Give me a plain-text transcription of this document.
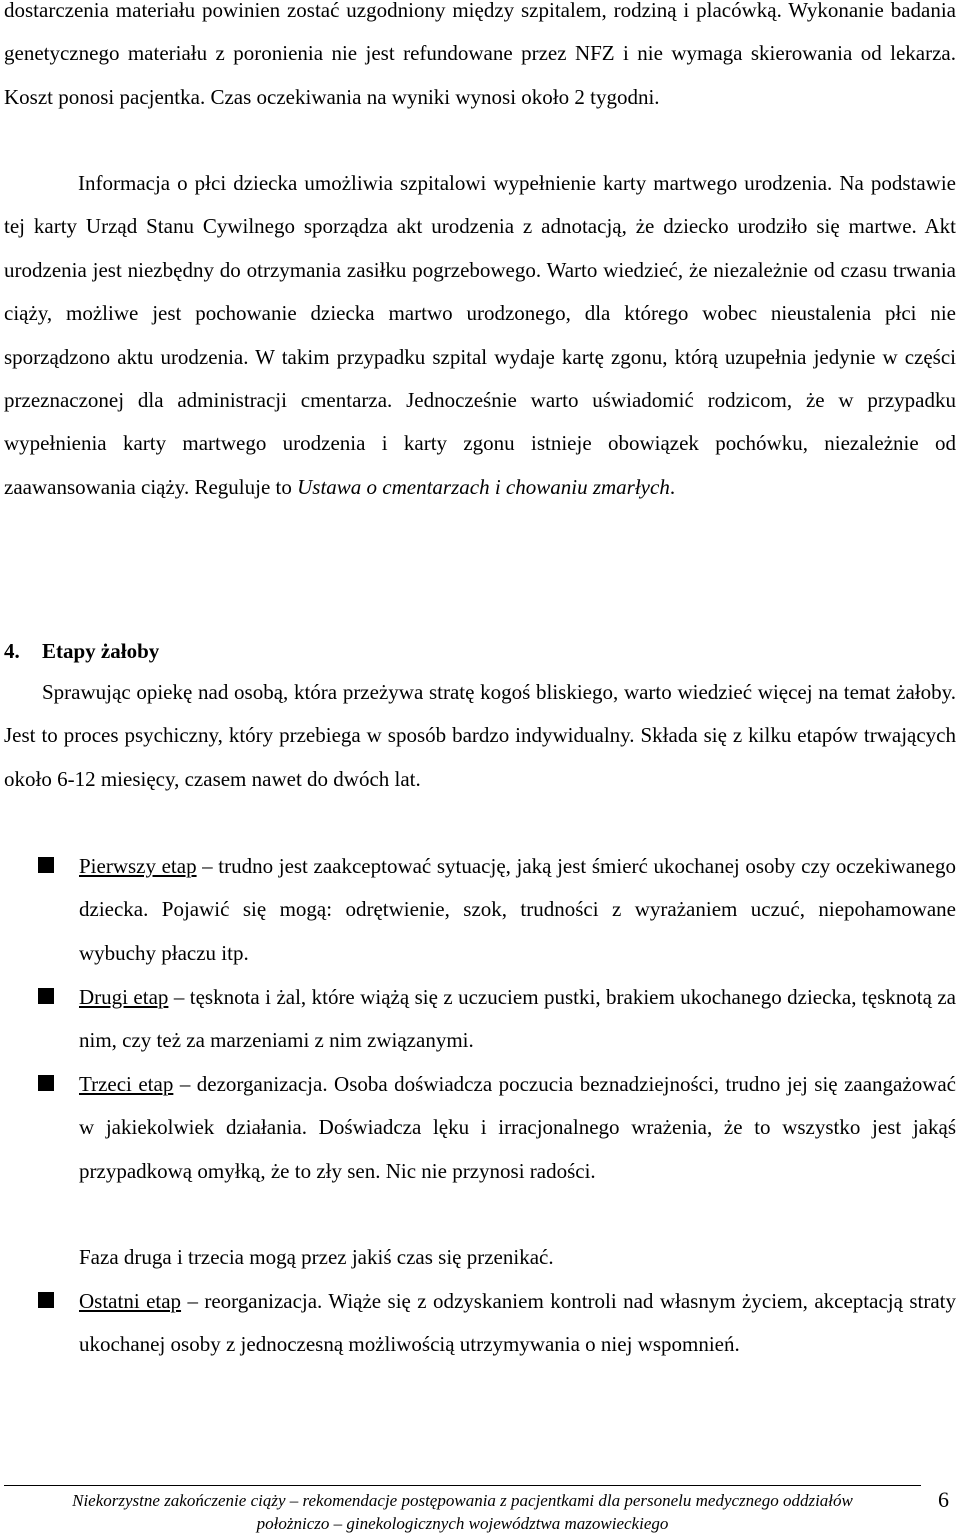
dostarczenia materiału powinien zostać uzgodniony między szpitalem, rodziną i placówką. Wykonanie badania genetycznego materiału z poronienia nie jest refundowane przez NFZ i nie wymaga skierowania od lekarza. Koszt ponosi pacjentka. Czas oczekiwania na wyniki wynosi około 2 tygodni.

Informacja o płci dziecka umożliwia szpitalowi wypełnienie karty martwego urodzenia. Na podstawie tej karty Urząd Stanu Cywilnego sporządza akt urodzenia z adnotacją, że dziecko urodziło się martwe. Akt urodzenia jest niezbędny do otrzymania zasiłku pogrzebowego. Warto wiedzieć, że niezależnie od czasu trwania ciąży, możliwe jest pochowanie dziecka martwo urodzonego, dla którego wobec nieustalenia płci nie sporządzono aktu urodzenia. W takim przypadku szpital wydaje kartę zgonu, którą uzupełnia jedynie w części przeznaczonej dla administracji cmentarza. Jednocześnie warto uświadomić rodzicom, że w przypadku wypełnienia karty martwego urodzenia i karty zgonu istnieje obowiązek pochówku, niezależnie od zaawansowania ciąży. Reguluje to Ustawa o cmentarzach i chowaniu zmarłych.

4. Etapy żałoby

Sprawując opiekę nad osobą, która przeżywa stratę kogoś bliskiego, warto wiedzieć więcej na temat żałoby. Jest to proces psychiczny, który przebiega w sposób bardzo indywidualny. Składa się z kilku etapów trwających około 6-12 miesięcy, czasem nawet do dwóch lat.

Pierwszy etap – trudno jest zaakceptować sytuację, jaką jest śmierć ukochanej osoby czy oczekiwanego dziecka. Pojawić się mogą: odrętwienie, szok, trudności z wyrażaniem uczuć, niepohamowane wybuchy płaczu itp.

Drugi etap – tęsknota i żal, które wiążą się z uczuciem pustki, brakiem ukochanego dziecka, tęsknotą za nim, czy też za marzeniami z nim związanymi.

Trzeci etap – dezorganizacja. Osoba doświadcza poczucia beznadziejności, trudno jej się zaangażować w jakiekolwiek działania. Doświadcza lęku i irracjonalnego wrażenia, że to wszystko jest jakąś przypadkową omyłką, że to zły sen. Nic nie przynosi radości.

Faza druga i trzecia mogą przez jakiś czas się przenikać.

Ostatni etap – reorganizacja. Wiąże się z odzyskaniem kontroli nad własnym życiem, akceptacją straty ukochanej osoby z jednoczesną możliwością utrzymywania o niej wspomnień.

Niekorzystne zakończenie ciąży – rekomendacje postępowania z pacjentkami dla personelu medycznego oddziałów
położniczo – ginekologicznych województwa mazowieckiego
6
